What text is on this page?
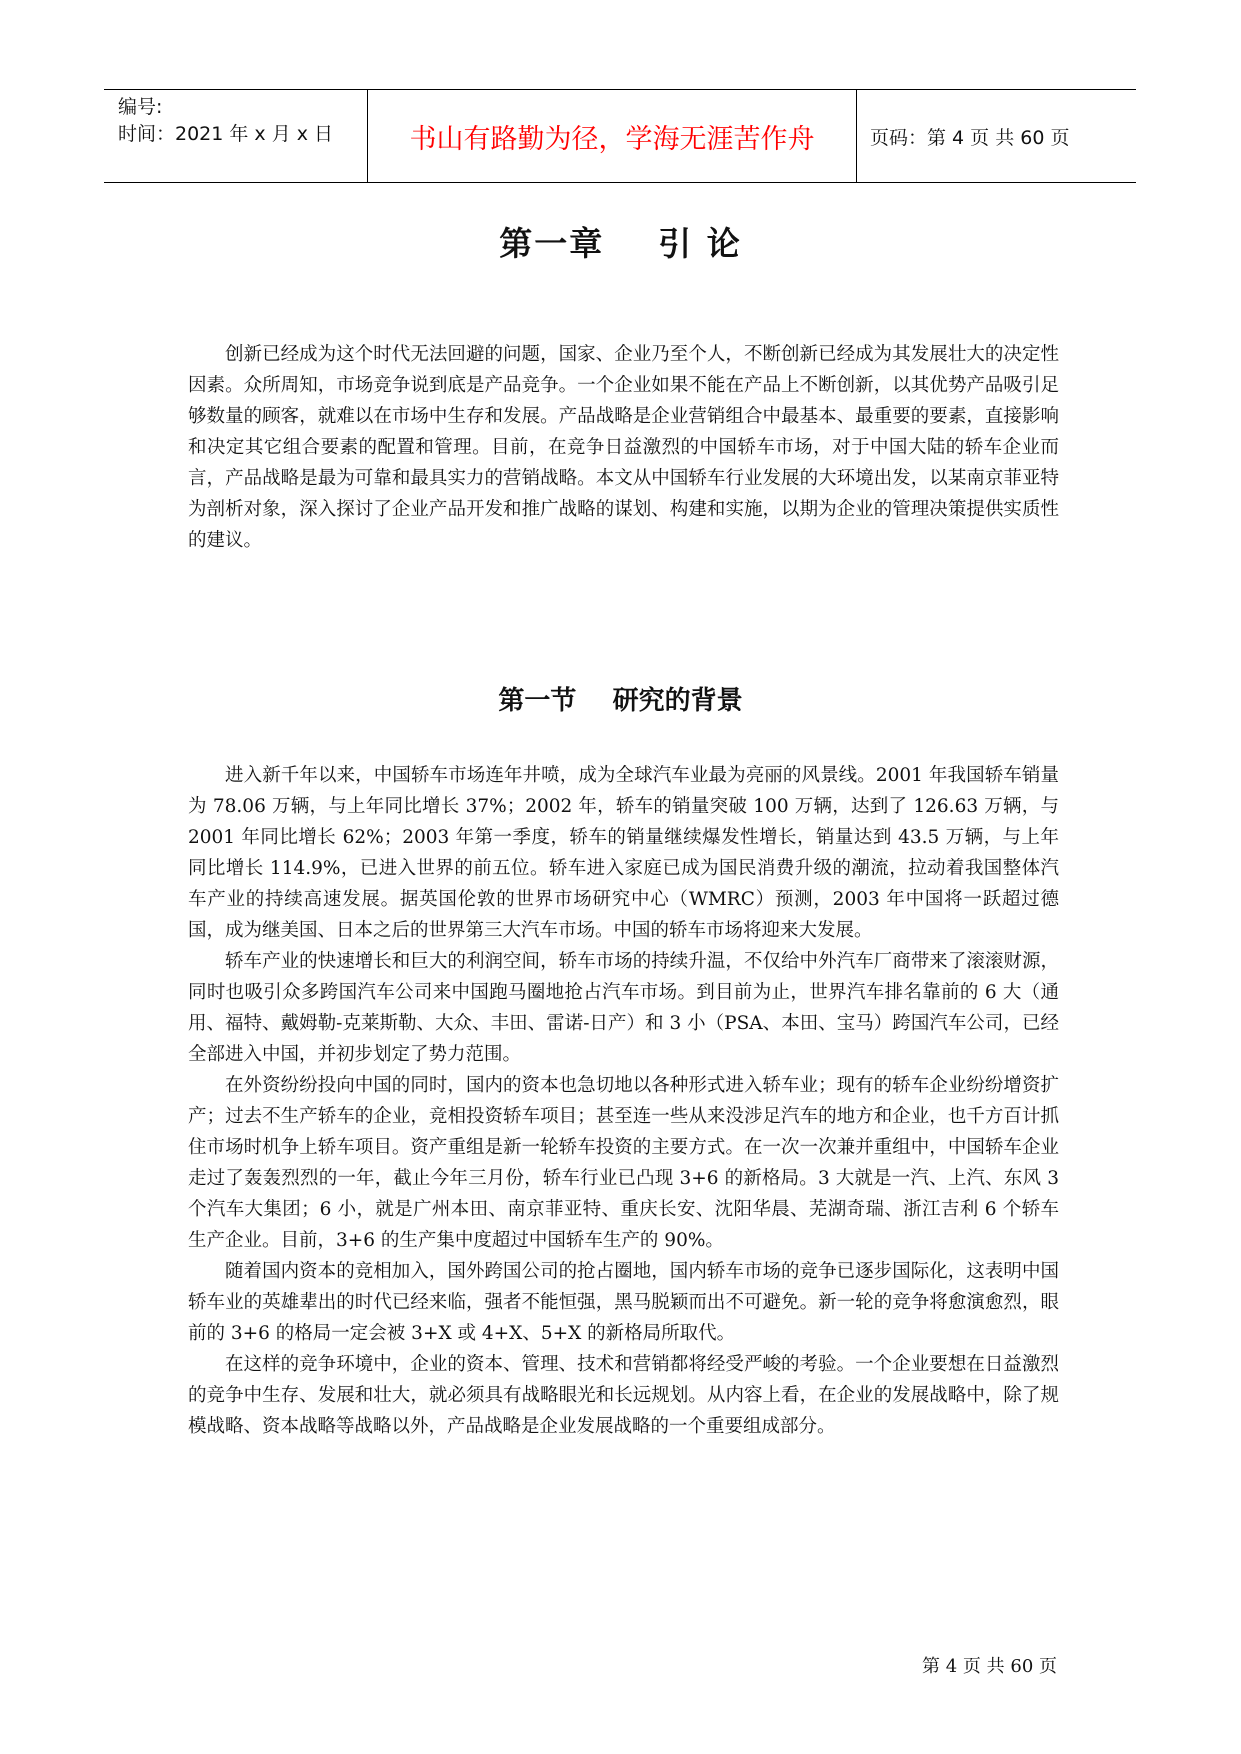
编号:
时间：2021 年 x 月 x 日	书山有路勤为径，学海无涯苦作舟	页码：第 4 页 共 60 页
第一章    引 论

创新已经成为这个时代无法回避的问题，国家、企业乃至个人，不断创新已经成为其发展壮大的决定性因素。众所周知，市场竞争说到底是产品竞争。一个企业如果不能在产品上不断创新，以其优势产品吸引足够数量的顾客，就难以在市场中生存和发展。产品战略是企业营销组合中最基本、最重要的要素，直接影响和决定其它组合要素的配置和管理。目前，在竞争日益激烈的中国轿车市场，对于中国大陆的轿车企业而言，产品战略是最为可靠和最具实力的营销战略。本文从中国轿车行业发展的大环境出发，以某南京菲亚特为剖析对象，深入探讨了企业产品开发和推广战略的谋划、构建和实施，以期为企业的管理决策提供实质性的建议。

第一节    研究的背景

进入新千年以来，中国轿车市场连年井喷，成为全球汽车业最为亮丽的风景线。2001 年我国轿车销量为 78.06 万辆，与上年同比增长 37%；2002 年，轿车的销量突破 100 万辆，达到了 126.63 万辆，与 2001 年同比增长 62%；2003 年第一季度，轿车的销量继续爆发性增长，销量达到 43.5 万辆，与上年同比增长 114.9%，已进入世界的前五位。轿车进入家庭已成为国民消费升级的潮流，拉动着我国整体汽车产业的持续高速发展。据英国伦敦的世界市场研究中心（WMRC）预测，2003 年中国将一跃超过德国，成为继美国、日本之后的世界第三大汽车市场。中国的轿车市场将迎来大发展。

轿车产业的快速增长和巨大的利润空间，轿车市场的持续升温，不仅给中外汽车厂商带来了滚滚财源，同时也吸引众多跨国汽车公司来中国跑马圈地抢占汽车市场。到目前为止，世界汽车排名靠前的 6 大（通用、福特、戴姆勒-克莱斯勒、大众、丰田、雷诺-日产）和 3 小（PSA、本田、宝马）跨国汽车公司，已经全部进入中国，并初步划定了势力范围。

在外资纷纷投向中国的同时，国内的资本也急切地以各种形式进入轿车业；现有的轿车企业纷纷增资扩产；过去不生产轿车的企业，竞相投资轿车项目；甚至连一些从来没涉足汽车的地方和企业，也千方百计抓住市场时机争上轿车项目。资产重组是新一轮轿车投资的主要方式。在一次一次兼并重组中，中国轿车企业走过了轰轰烈烈的一年，截止今年三月份，轿车行业已凸现 3+6 的新格局。3 大就是一汽、上汽、东风 3 个汽车大集团；6 小，就是广州本田、南京菲亚特、重庆长安、沈阳华晨、芜湖奇瑞、浙江吉利 6 个轿车生产企业。目前，3+6 的生产集中度超过中国轿车生产的 90%。

随着国内资本的竞相加入，国外跨国公司的抢占圈地，国内轿车市场的竞争已逐步国际化，这表明中国轿车业的英雄辈出的时代已经来临，强者不能恒强，黑马脱颖而出不可避免。新一轮的竞争将愈演愈烈，眼前的 3+6 的格局一定会被 3+X 或 4+X、5+X 的新格局所取代。

在这样的竞争环境中，企业的资本、管理、技术和营销都将经受严峻的考验。一个企业要想在日益激烈的竞争中生存、发展和壮大，就必须具有战略眼光和长远规划。从内容上看，在企业的发展战略中，除了规模战略、资本战略等战略以外，产品战略是企业发展战略的一个重要组成部分。

第 4 页 共 60 页
